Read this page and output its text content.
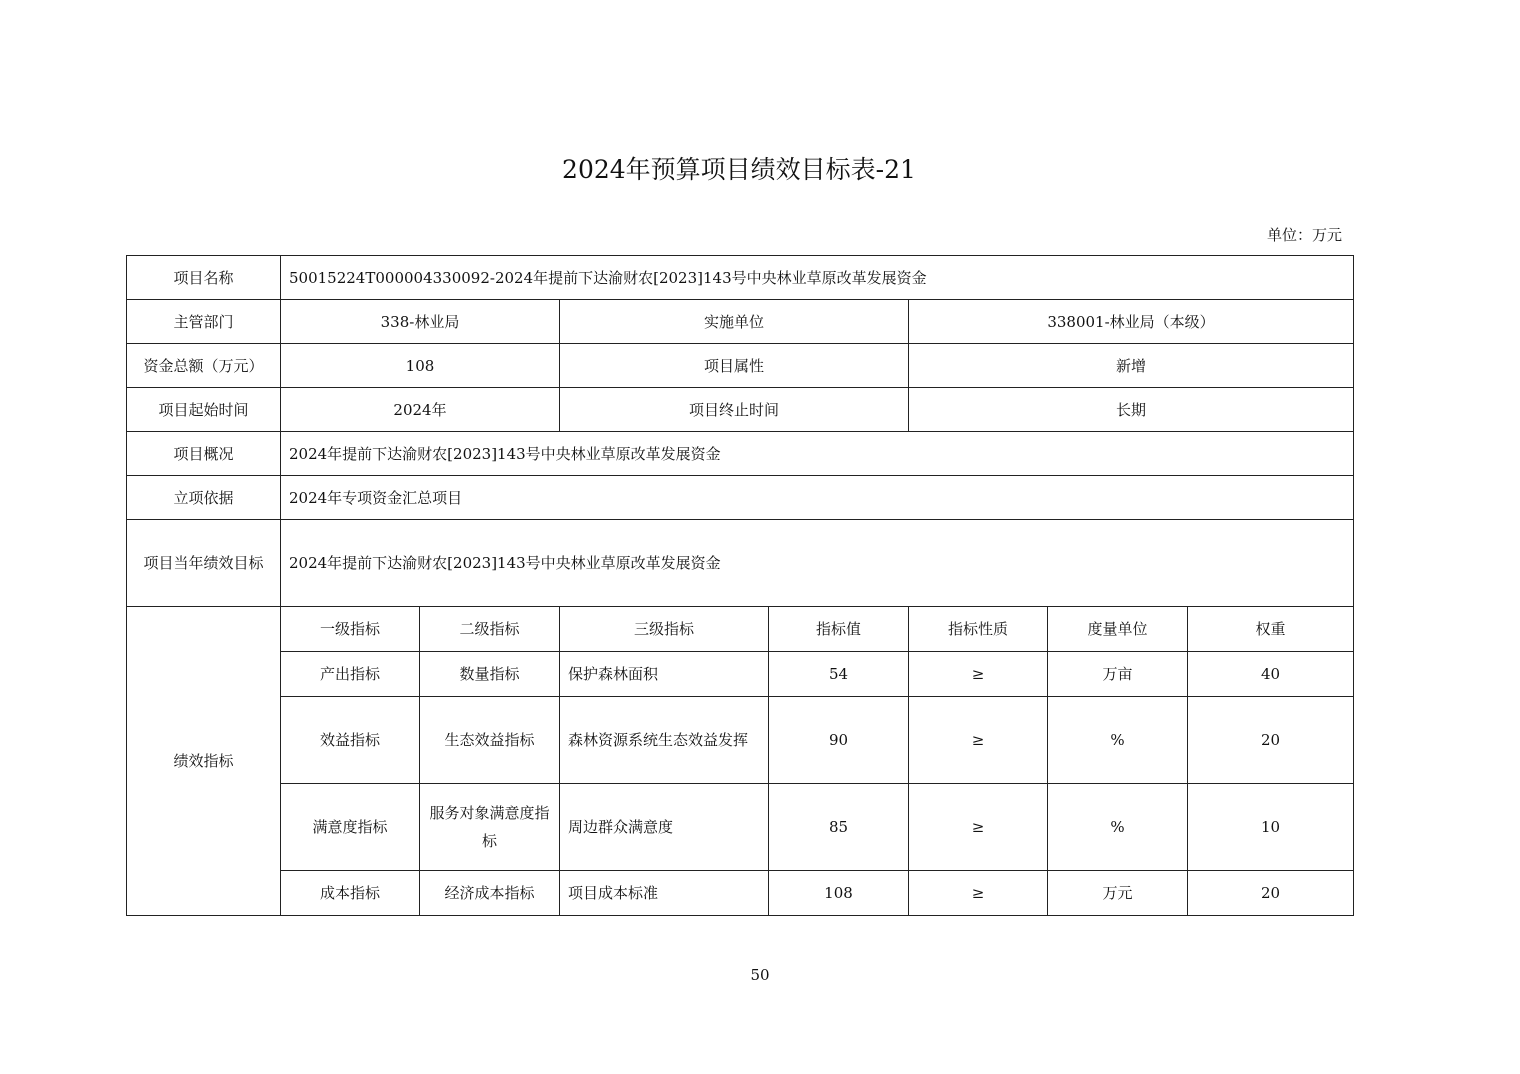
2024年预算项目绩效目标表-21
单位：万元
项目名称	50015224T000004330092-2024年提前下达渝财农[2023]143号中央林业草原改革发展资金						
主管部门	338-林业局		实施单位		338001-林业局（本级）		
资金总额（万元）	108		项目属性		新增		
项目起始时间	2024年		项目终止时间		长期		
项目概况	2024年提前下达渝财农[2023]143号中央林业草原改革发展资金						
立项依据	2024年专项资金汇总项目						
项目当年绩效目标	2024年提前下达渝财农[2023]143号中央林业草原改革发展资金						
绩效指标	一级指标	二级指标	三级指标	指标值	指标性质	度量单位	权重
	产出指标	数量指标	保护森林面积	54	≥	万亩	40
	效益指标	生态效益指标	森林资源系统生态效益发挥	90	≥	%	20
	满意度指标	服务对象满意度指标	周边群众满意度	85	≥	%	10
	成本指标	经济成本指标	项目成本标准	108	≥	万元	20
50
